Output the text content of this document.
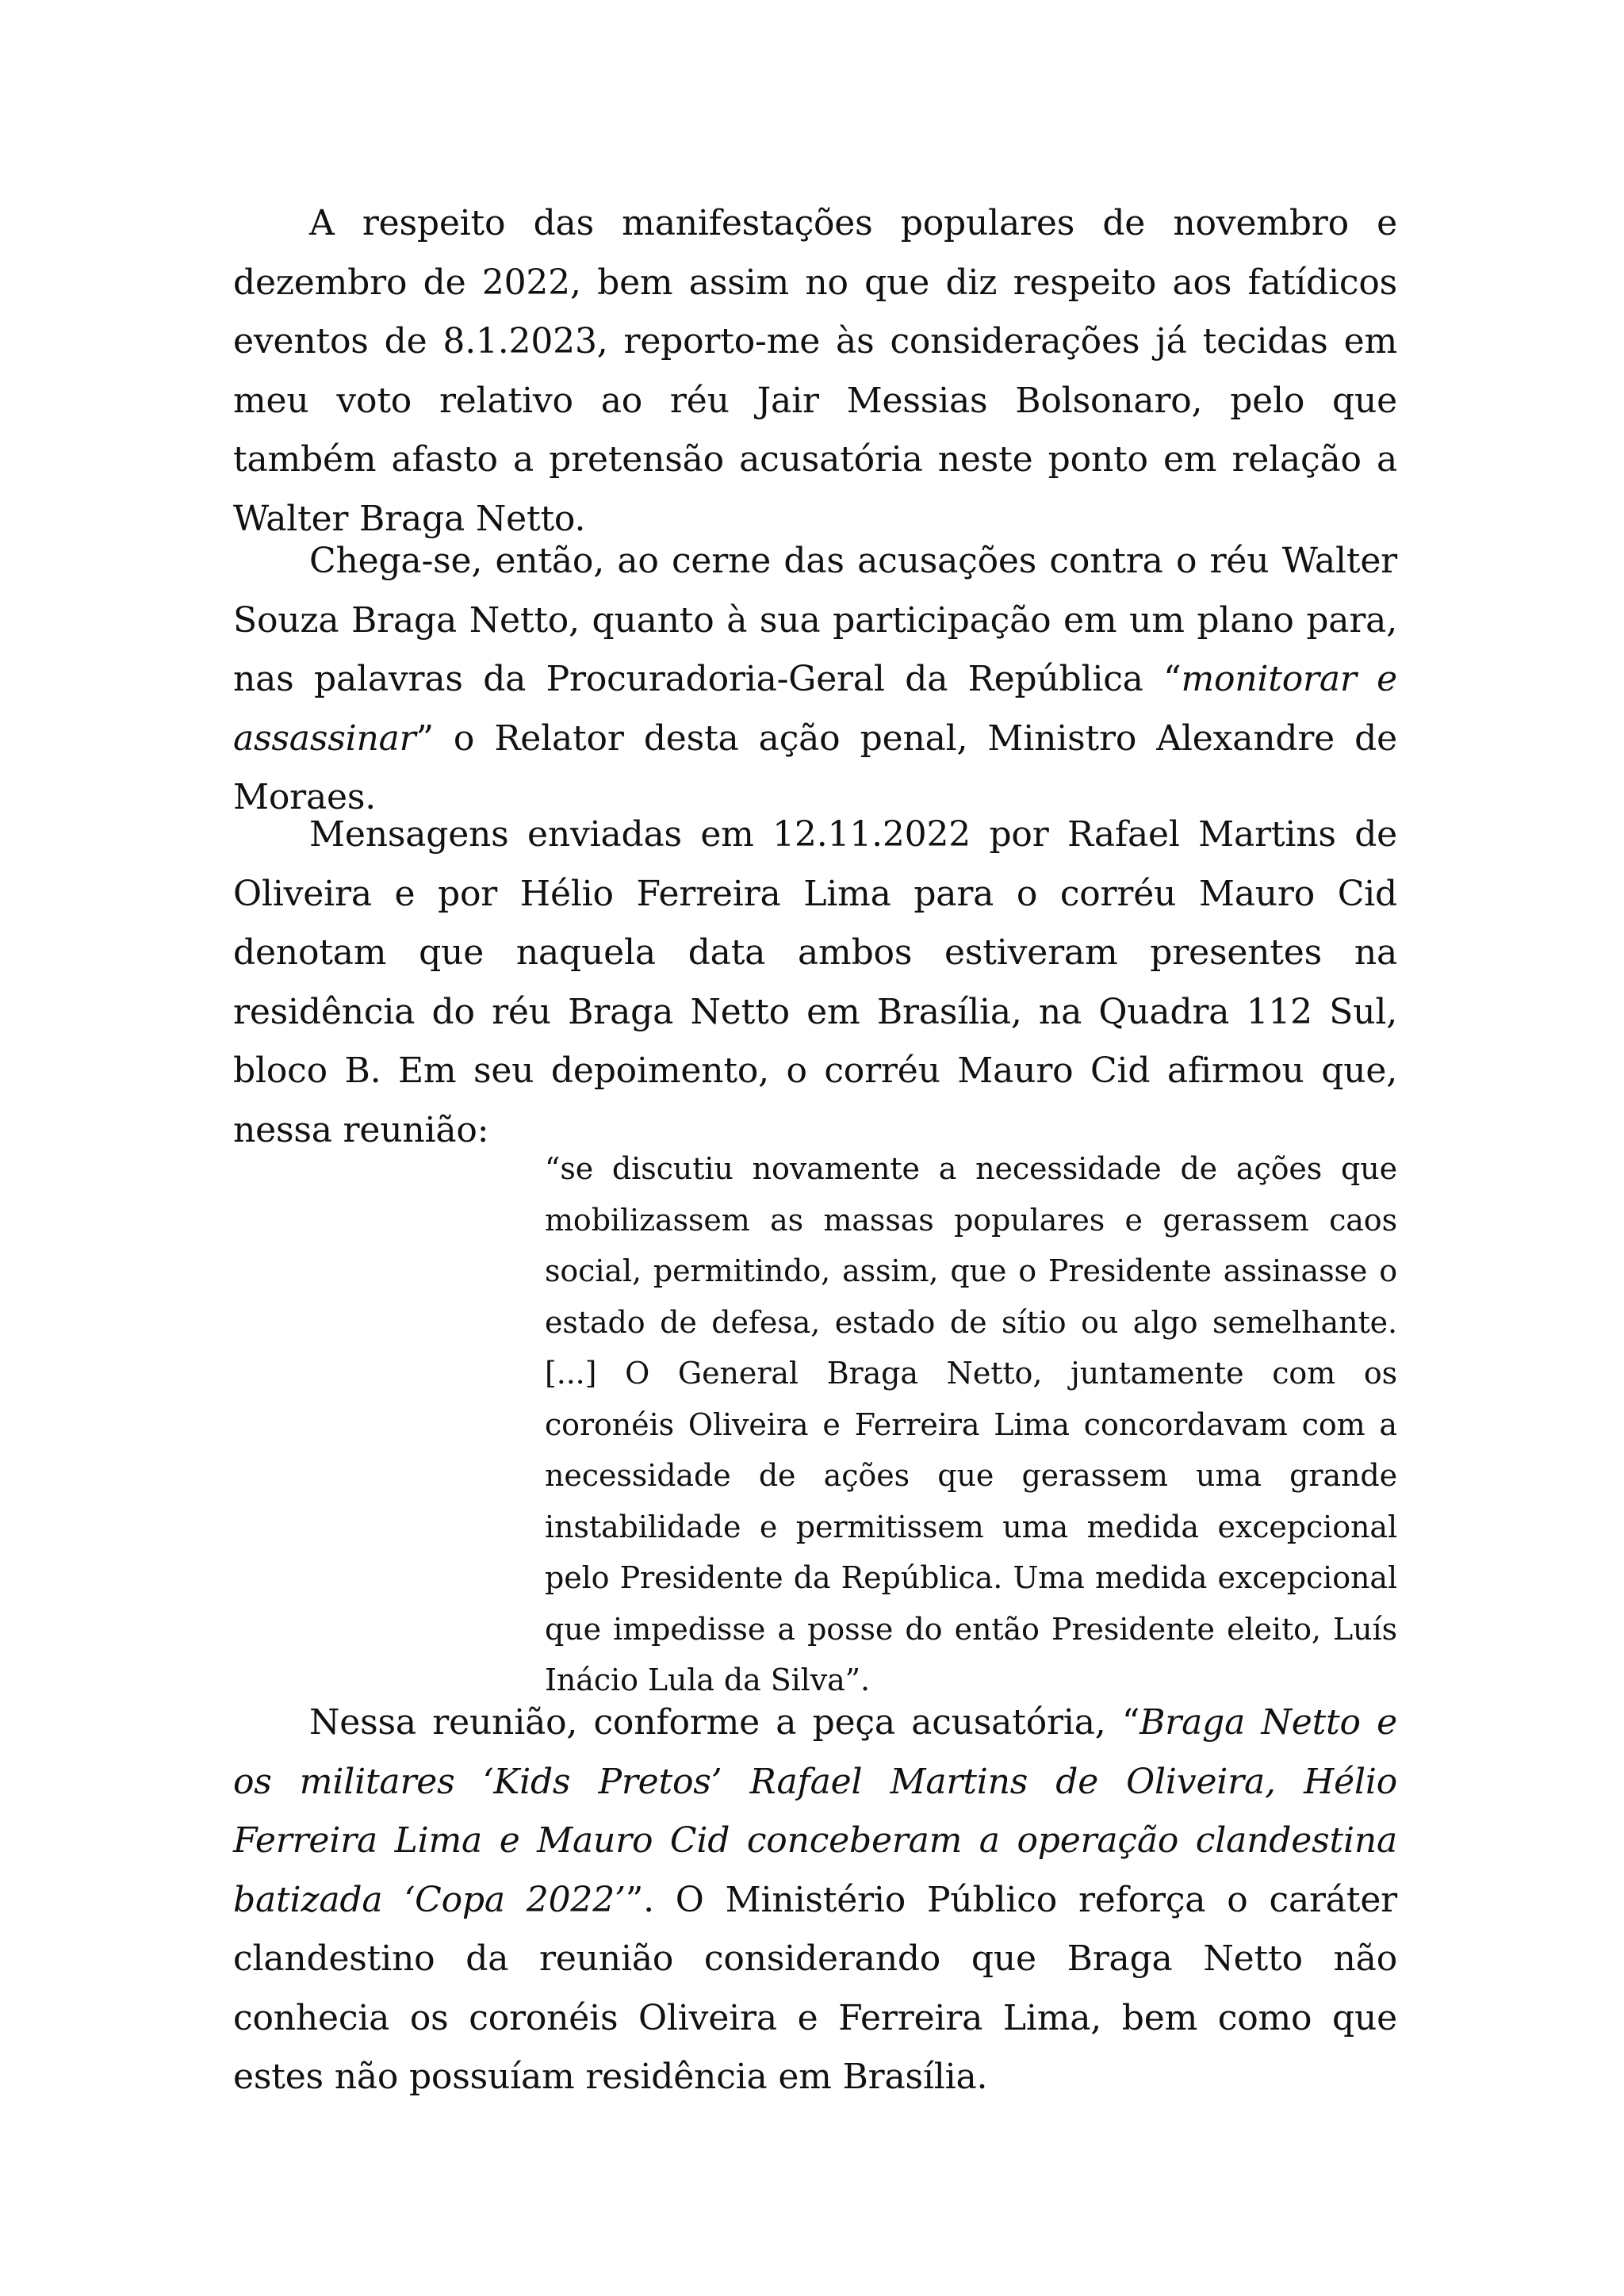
A respeito das manifestações populares de novembro e dezembro de 2022, bem assim no que diz respeito aos fatídicos eventos de 8.1.2023, reporto-me às considerações já tecidas em meu voto relativo ao réu Jair Messias Bolsonaro, pelo que também afasto a pretensão acusatória neste ponto em relação a Walter Braga Netto.

Chega-se, então, ao cerne das acusações contra o réu Walter Souza Braga Netto, quanto à sua participação em um plano para, nas palavras da Procuradoria-Geral da República “monitorar e assassinar” o Relator desta ação penal, Ministro Alexandre de Moraes.

Mensagens enviadas em 12.11.2022 por Rafael Martins de Oliveira e por Hélio Ferreira Lima para o corréu Mauro Cid denotam que naquela data ambos estiveram presentes na residência do réu Braga Netto em Brasília, na Quadra 112 Sul, bloco B. Em seu depoimento, o corréu Mauro Cid afirmou que, nessa reunião:

“se discutiu novamente a necessidade de ações que mobilizassem as massas populares e gerassem caos social, permitindo, assim, que o Presidente assinasse o estado de defesa, estado de sítio ou algo semelhante. [...] O General Braga Netto, juntamente com os coronéis Oliveira e Ferreira Lima concordavam com a necessidade de ações que gerassem uma grande instabilidade e permitissem uma medida excepcional pelo Presidente da República. Uma medida excepcional que impedisse a posse do então Presidente eleito, Luís Inácio Lula da Silva”.

Nessa reunião, conforme a peça acusatória, “Braga Netto e os militares ‘Kids Pretos’ Rafael Martins de Oliveira, Hélio Ferreira Lima e Mauro Cid conceberam a operação clandestina batizada ‘Copa 2022’”. O Ministério Público reforça o caráter clandestino da reunião considerando que Braga Netto não conhecia os coronéis Oliveira e Ferreira Lima, bem como que estes não possuíam residência em Brasília.
